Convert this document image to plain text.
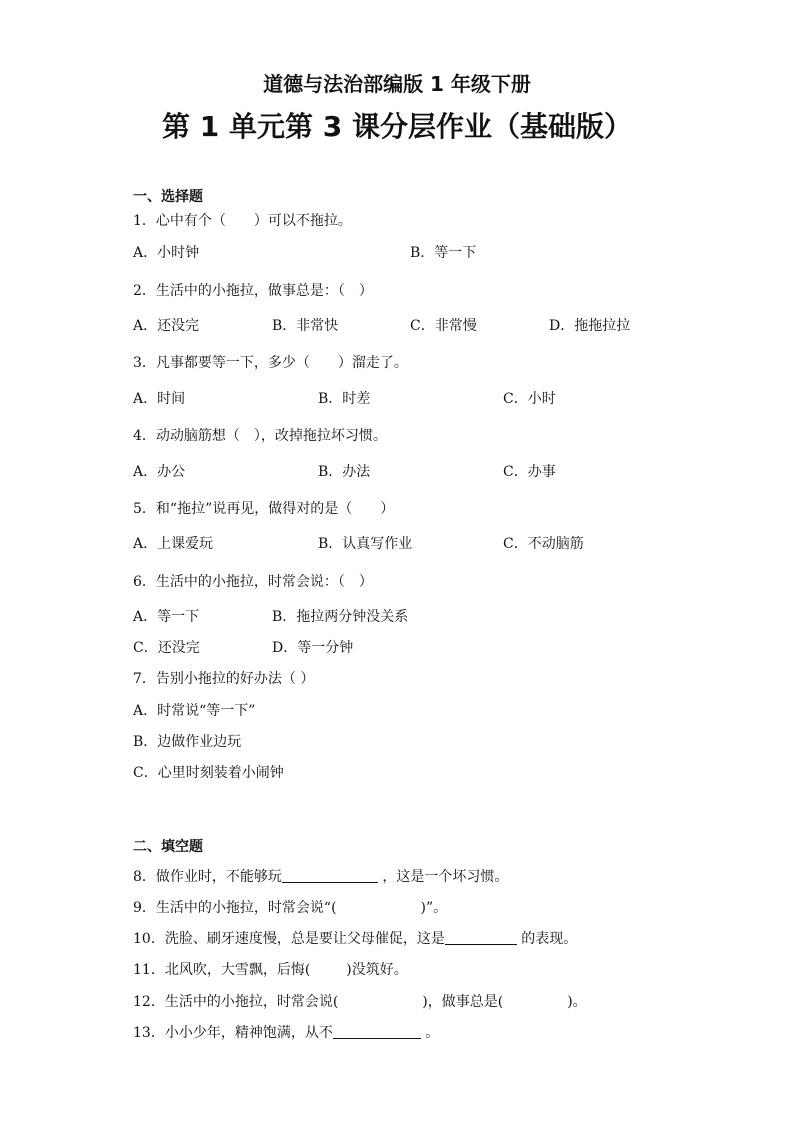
道德与法治部编版 1 年级下册
第 1 单元第 3 课分层作业（基础版）
一、选择题
1．心中有个（　　）可以不拖拉。
A．小时钟	B．等一下
2．生活中的小拖拉，做事总是：（　）
A．还没完	B．非常快	C．非常慢	D．拖拖拉拉
3．凡事都要等一下，多少（　　）溜走了。
A．时间	B．时差	C．小时
4．动动脑筋想（　），改掉拖拉坏习惯。
A．办公	B．办法	C．办事
5．和“拖拉”说再见，做得对的是（　　）
A．上课爱玩	B．认真写作业	C．不动脑筋
6．生活中的小拖拉，时常会说：（　）
A．等一下	B．拖拉两分钟没关系
C．还没完	D．等一分钟
7．告别小拖拉的好办法（ ）
A．时常说“等一下”
B．边做作业边玩
C．心里时刻装着小闹钟
二、填空题
8．做作业时，不能够玩	，这是一个坏习惯。
9．生活中的小拖拉，时常会说“(	)”。
10．洗脸、刷牙速度慢，总是要让父母催促，这是	的表现。
11．北风吹，大雪飘，后悔(	)没筑好。
12．生活中的小拖拉，时常会说(	)，做事总是(	)。
13．小小少年，精神饱满，从不	。
